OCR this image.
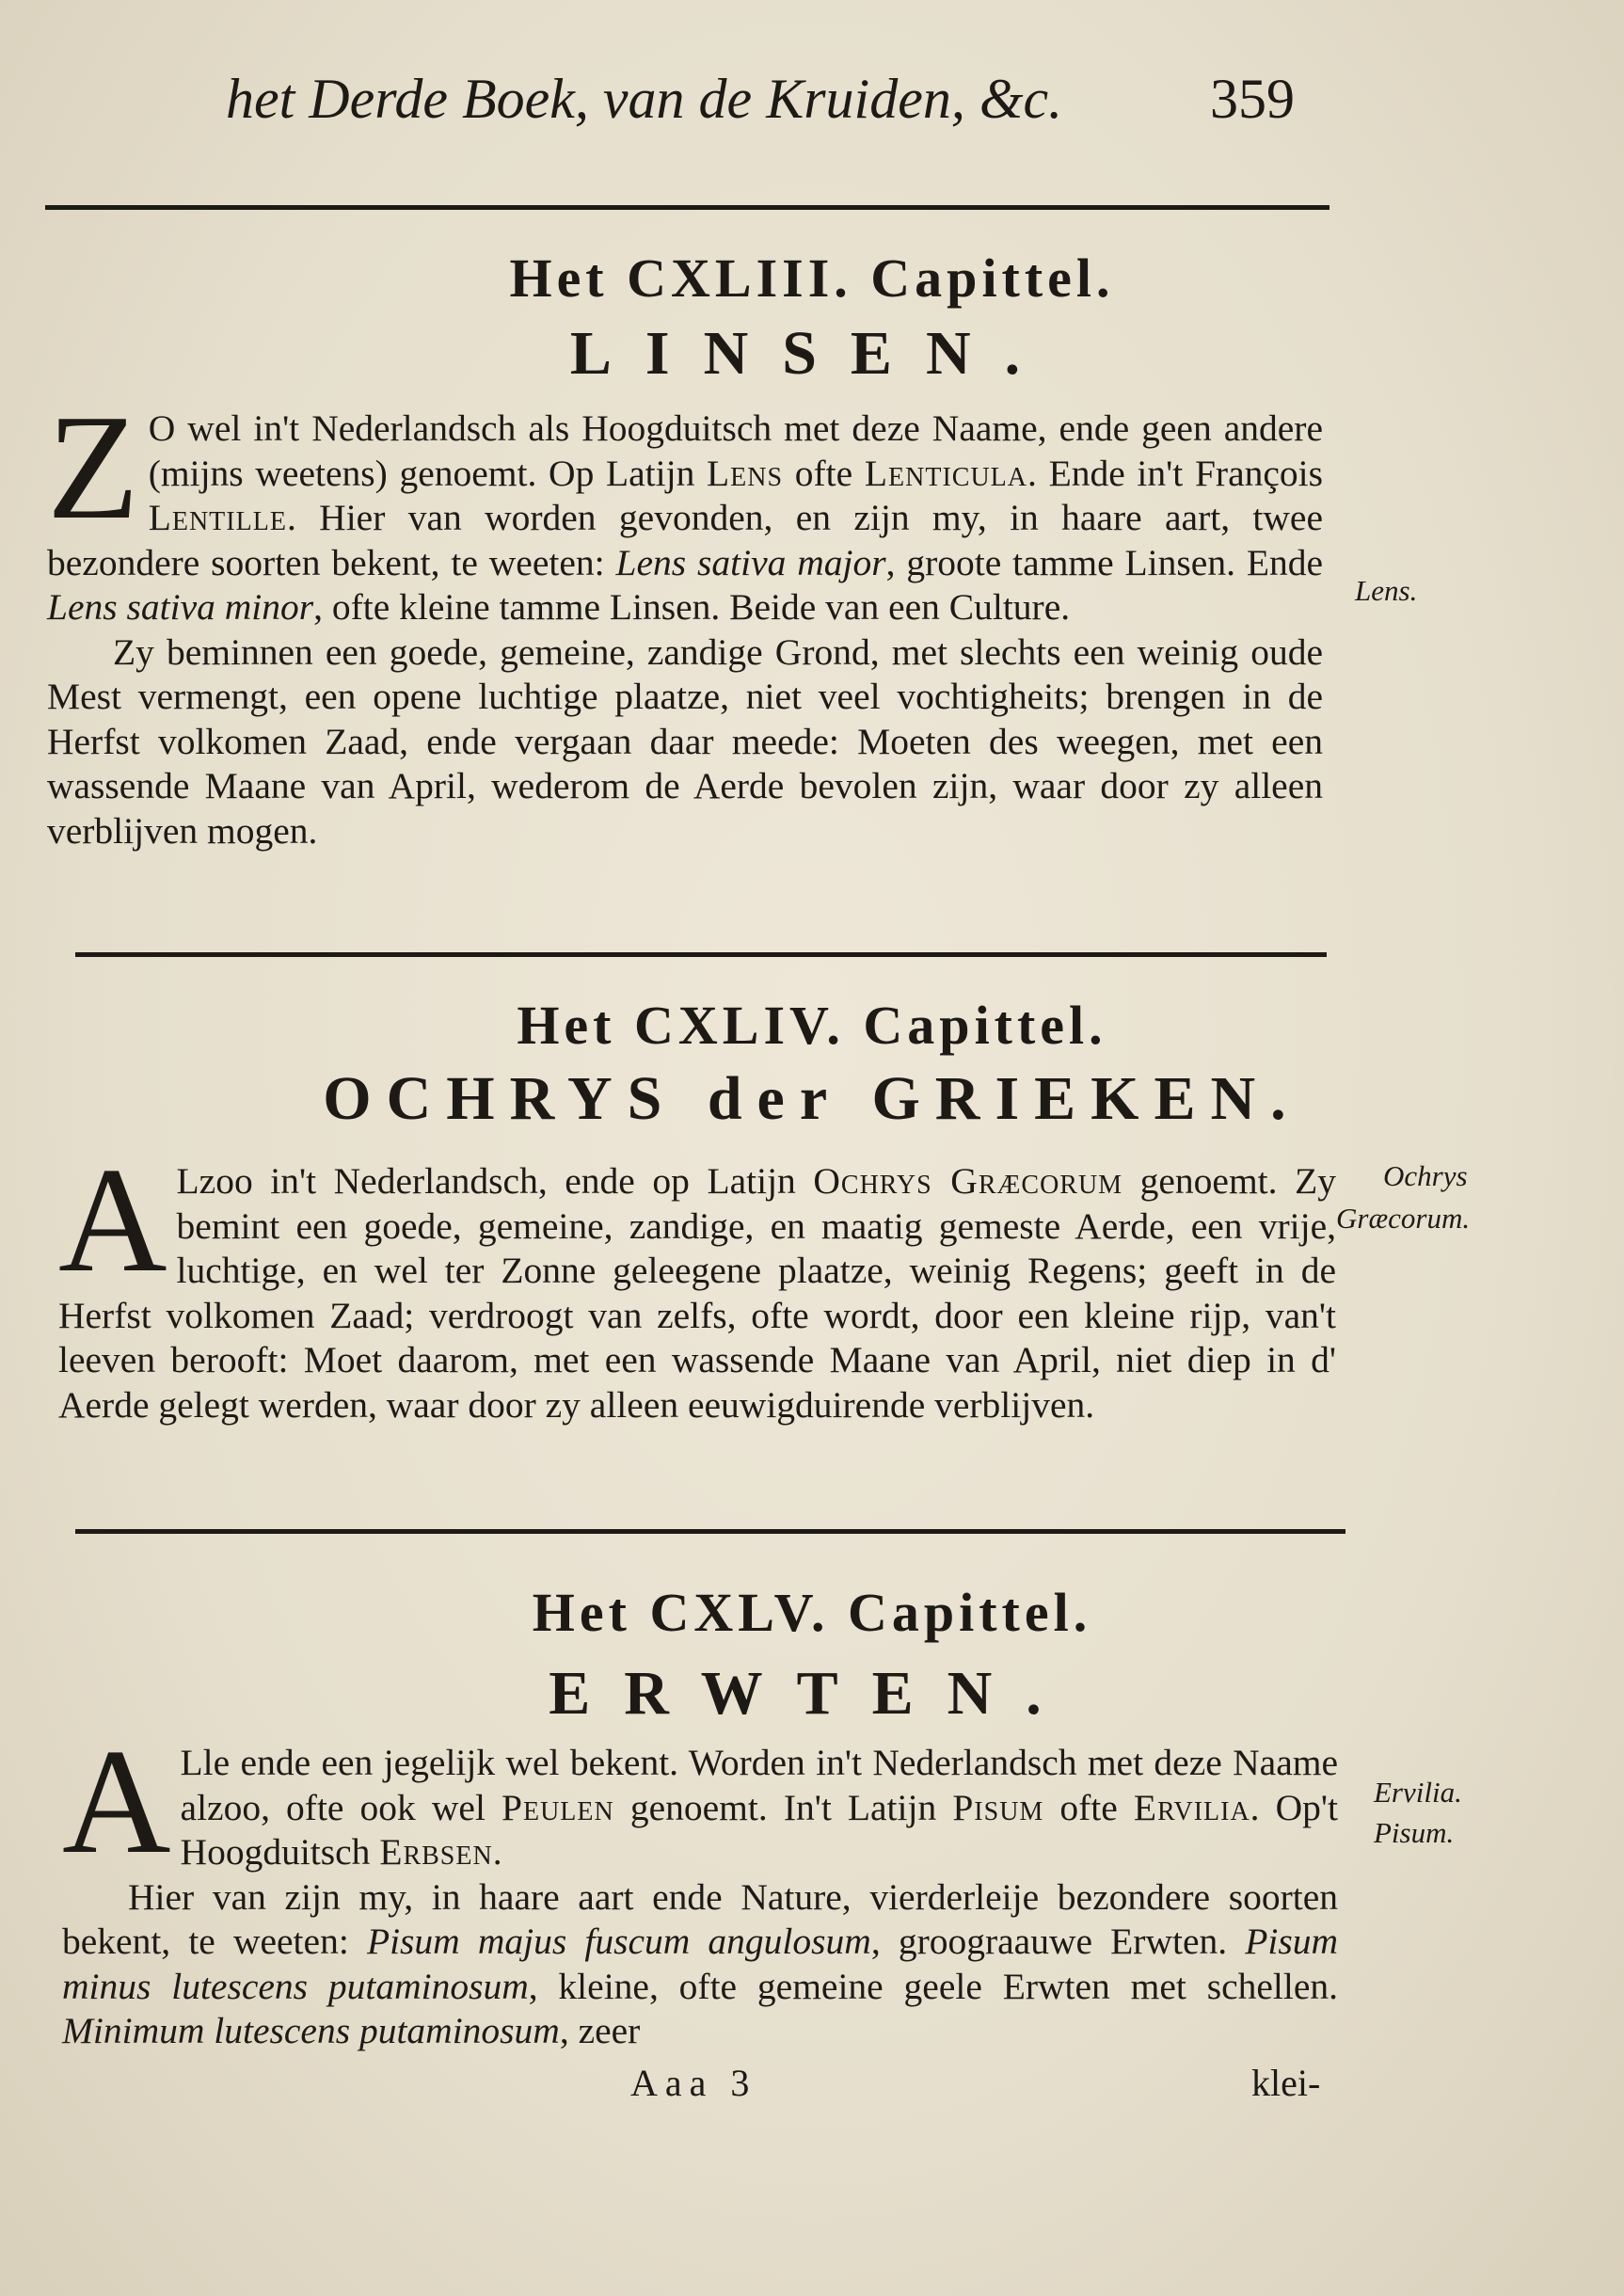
het Derde Boek, van de Kruiden, &c.	359
Het CXLIII. Capittel.
LINSEN.

Z O wel in't Nederlandsch als Hoogduitsch met deze Naame, ende geen andere (mijns weetens) genoemt. Op Latijn Lens ofte Lenticula. Ende in't François Lentille. Hier van worden gevonden, en zijn my, in haare aart, twee bezondere soorten bekent, te weeten: Lens sativa major, groote tamme Linsen. Ende Lens sativa minor, ofte kleine tamme Linsen. Beide van een Culture.

Zy beminnen een goede, gemeine, zandige Grond, met slechts een weinig oude Mest vermengt, een opene luchtige plaatze, niet veel vochtigheits; brengen in de Herfst volkomen Zaad, ende vergaan daar meede: Moeten des weegen, met een wassende Maane van April, wederom de Aerde bevolen zijn, waar door zy alleen verblijven mogen.

Lens.
Het CXLIV. Capittel.
OCHRYS der GRIEKEN.

A Lzoo in't Nederlandsch, ende op Latijn Ochrys Græcorum genoemt. Zy bemint een goede, gemeine, zandige, en maatig gemeste Aerde, een vrije, luchtige, en wel ter Zonne geleegene plaatze, weinig Regens; geeft in de Herfst volkomen Zaad; verdroogt van zelfs, ofte wordt, door een kleine rijp, van't leeven berooft: Moet daarom, met een wassende Maane van April, niet diep in d' Aerde gelegt werden, waar door zy alleen eeuwigduirende verblijven.

Ochrys
Græcorum.
Het CXLV. Capittel.
ERWTEN.

A Lle ende een jegelijk wel bekent. Worden in't Nederlandsch met deze Naame alzoo, ofte ook wel Peulen genoemt. In't Latijn Pisum ofte Ervilia. Op't Hoogduitsch Erbsen.

Hier van zijn my, in haare aart ende Nature, vierderleije bezondere soorten bekent, te weeten: Pisum majus fuscum angulosum, groograauwe Erwten. Pisum minus lutescens putaminosum, kleine, ofte gemeine geele Erwten met schellen. Minimum lutescens putaminosum, zeer

Ervilia.
Pisum.
Aaa 3	klei-
